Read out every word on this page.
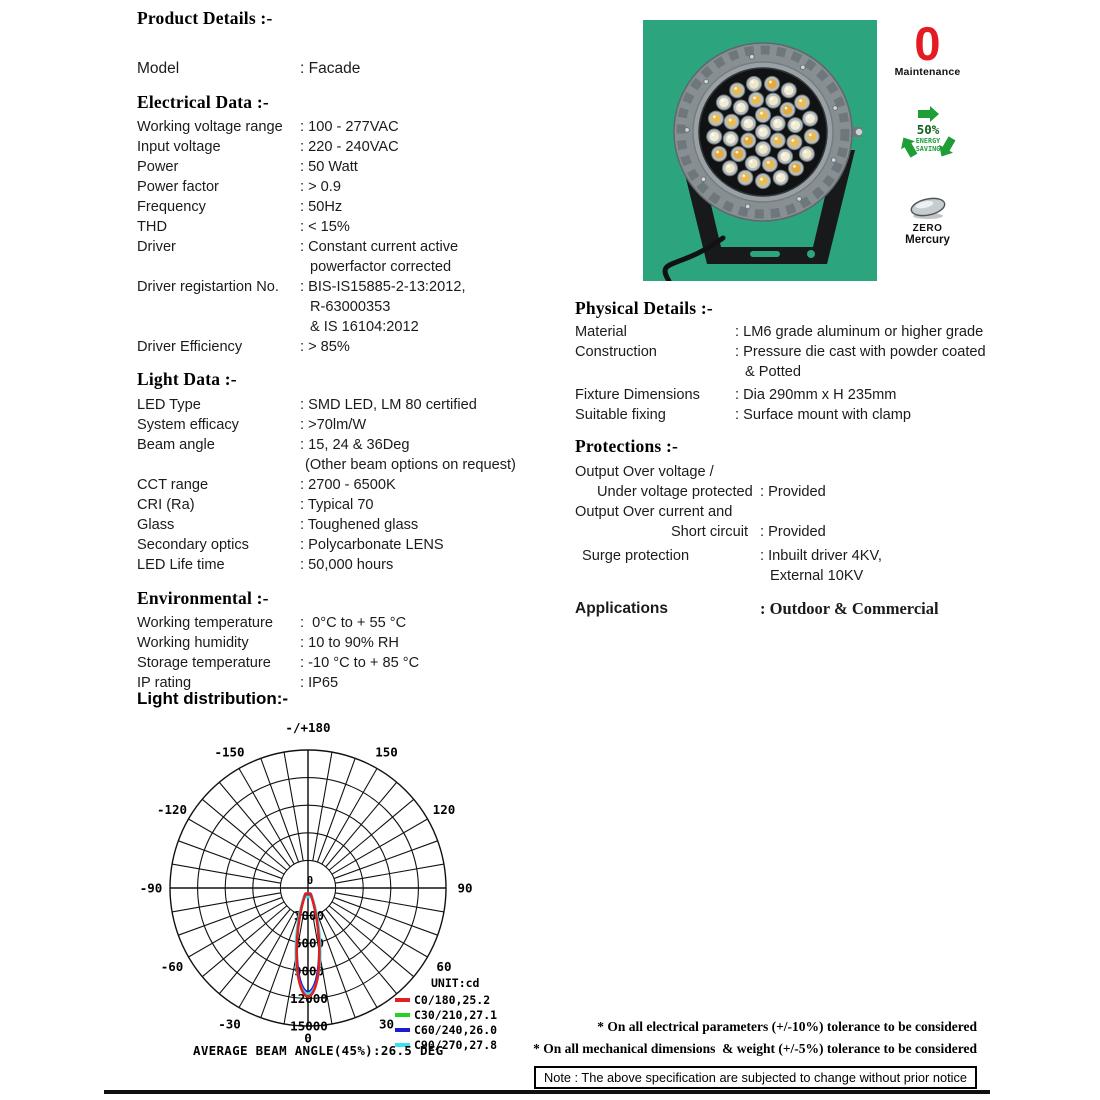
Product Details :-
Model	: Facade
Electrical Data :-
Working voltage range	: 100 - 277VAC
Input voltage	: 220 - 240VAC
Power	: 50 Watt
Power factor	: > 0.9
Frequency	: 50Hz
THD	: < 15%
Driver	: Constant current active
powerfactor corrected
Driver registartion No.	: BIS-IS15885-2-13:2012,
R-63000353
& IS 16104:2012
Driver Efficiency	: > 85%
Light Data :-
LED Type	: SMD LED, LM 80 certified
System efficacy	: >70lm/W
Beam angle	: 15, 24 & 36Deg
(Other beam options on request)
CCT range	: 2700 - 6500K
CRI (Ra)	: Typical 70
Glass	: Toughened glass
Secondary optics	: Polycarbonate LENS
LED Life time	: 50,000 hours
Environmental :-
Working temperature	:  0°C to + 55 °C
Working humidity	: 10 to 90% RH
Storage temperature	: -10 °C to + 85 °C
IP rating	: IP65
0
Maintenance
50%
ENERGY
SAVING
ZERO
Mercury
Physical Details :-
Material	: LM6 grade aluminum or higher grade
Construction	: Pressure die cast with powder coated
& Potted
Fixture Dimensions	: Dia 290mm x H 235mm
Suitable fixing	: Surface mount with clamp
Protections :-
Output Over voltage /
Under voltage protected : Provided
Output Over current and
Short circuit : Provided
Surge protection	: Inbuilt driver 4KV,
External 10KV
Applications	: Outdoor & Commercial
Light distribution:-
-/+180
-150	150
-120	120
-90	90
-60	60
-30	30
0
3000
6000
9000
12000
15000
0
UNIT:cd
C0/180,25.2
C30/210,27.1
C60/240,26.0
C90/270,27.8
AVERAGE BEAM ANGLE(45%):26.5 DEG
* On all electrical parameters (+/-10%) tolerance to be considered
* On all mechanical dimensions  & weight (+/-5%) tolerance to be considered
Note : The above specification are subjected to change without prior notice
